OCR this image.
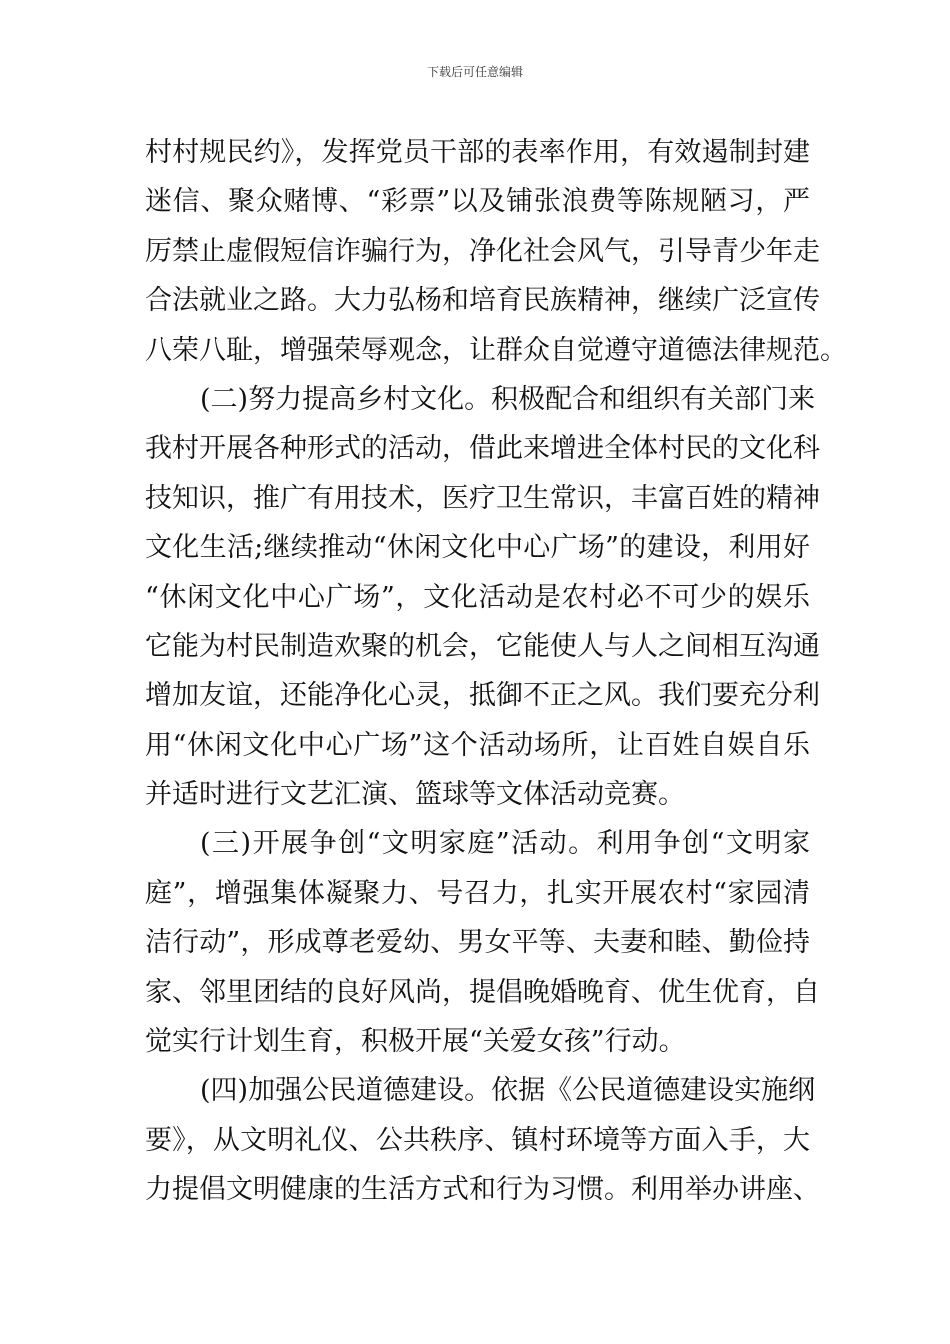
下载后可任意编辑
村村规民约》，发挥党员干部的表率作用，有效遏制封建
迷信、聚众赌博、“彩票”以及铺张浪费等陈规陋习，严
厉禁止虚假短信诈骗行为，净化社会风气，引导青少年走
合法就业之路。大力弘杨和培育民族精神，继续广泛宣传
八荣八耻，增强荣辱观念，让群众自觉遵守道德法律规范。
(二)努力提高乡村文化。积极配合和组织有关部门来
我村开展各种形式的活动，借此来增进全体村民的文化科
技知识，推广有用技术，医疗卫生常识，丰富百姓的精神
文化生活;继续推动“休闲文化中心广场”的建设，利用好
“休闲文化中心广场”，文化活动是农村必不可少的娱乐
它能为村民制造欢聚的机会，它能使人与人之间相互沟通
增加友谊，还能净化心灵，抵御不正之风。我们要充分利
用“休闲文化中心广场”这个活动场所，让百姓自娱自乐
并适时进行文艺汇演、篮球等文体活动竞赛。
(三)开展争创“文明家庭”活动。利用争创“文明家
庭”，增强集体凝聚力、号召力，扎实开展农村“家园清
洁行动”，形成尊老爱幼、男女平等、夫妻和睦、勤俭持
家、邻里团结的良好风尚，提倡晚婚晚育、优生优育，自
觉实行计划生育，积极开展“关爱女孩”行动。
(四)加强公民道德建设。依据《公民道德建设实施纲
要》，从文明礼仪、公共秩序、镇村环境等方面入手，大
力提倡文明健康的生活方式和行为习惯。利用举办讲座、
